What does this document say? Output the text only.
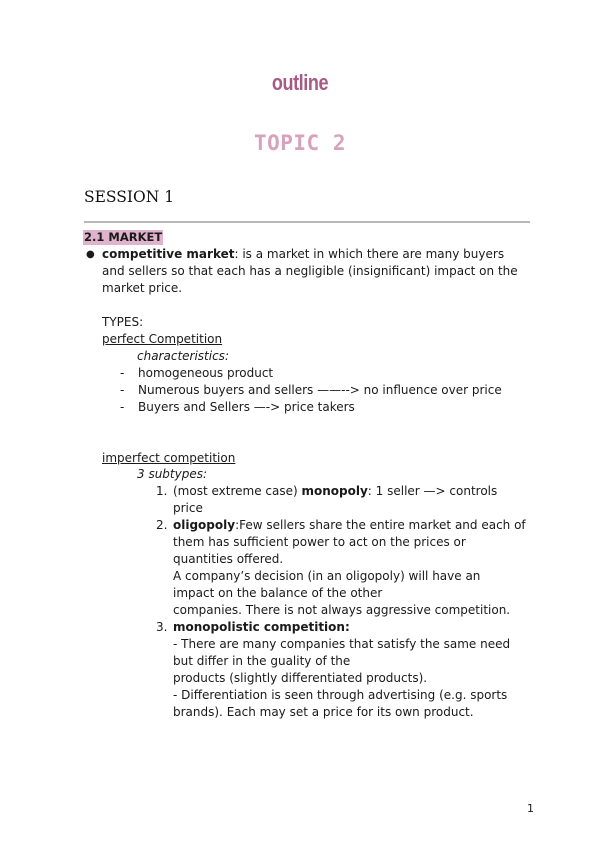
outline
TOPIC 2
SESSION 1
2.1 MARKET
● competitive market: is a market in which there are many buyers
and sellers so that each has a negligible (insignificant) impact on the
market price.
TYPES:
perfect Competition
characteristics:
- homogeneous product
- Numerous buyers and sellers ——--> no influence over price
- Buyers and Sellers —-> price takers
imperfect competition
3 subtypes:
1. (most extreme case) monopoly: 1 seller —> controls
price
2. oligopoly:Few sellers share the entire market and each of
them has sufficient power to act on the prices or
quantities offered.
A company’s decision (in an oligopoly) will have an
impact on the balance of the other
companies. There is not always aggressive competition.
3. monopolistic competition:
- There are many companies that satisfy the same need
but differ in the guality of the
products (slightly differentiated products).
- Differentiation is seen through advertising (e.g. sports
brands). Each may set a price for its own product.
1
